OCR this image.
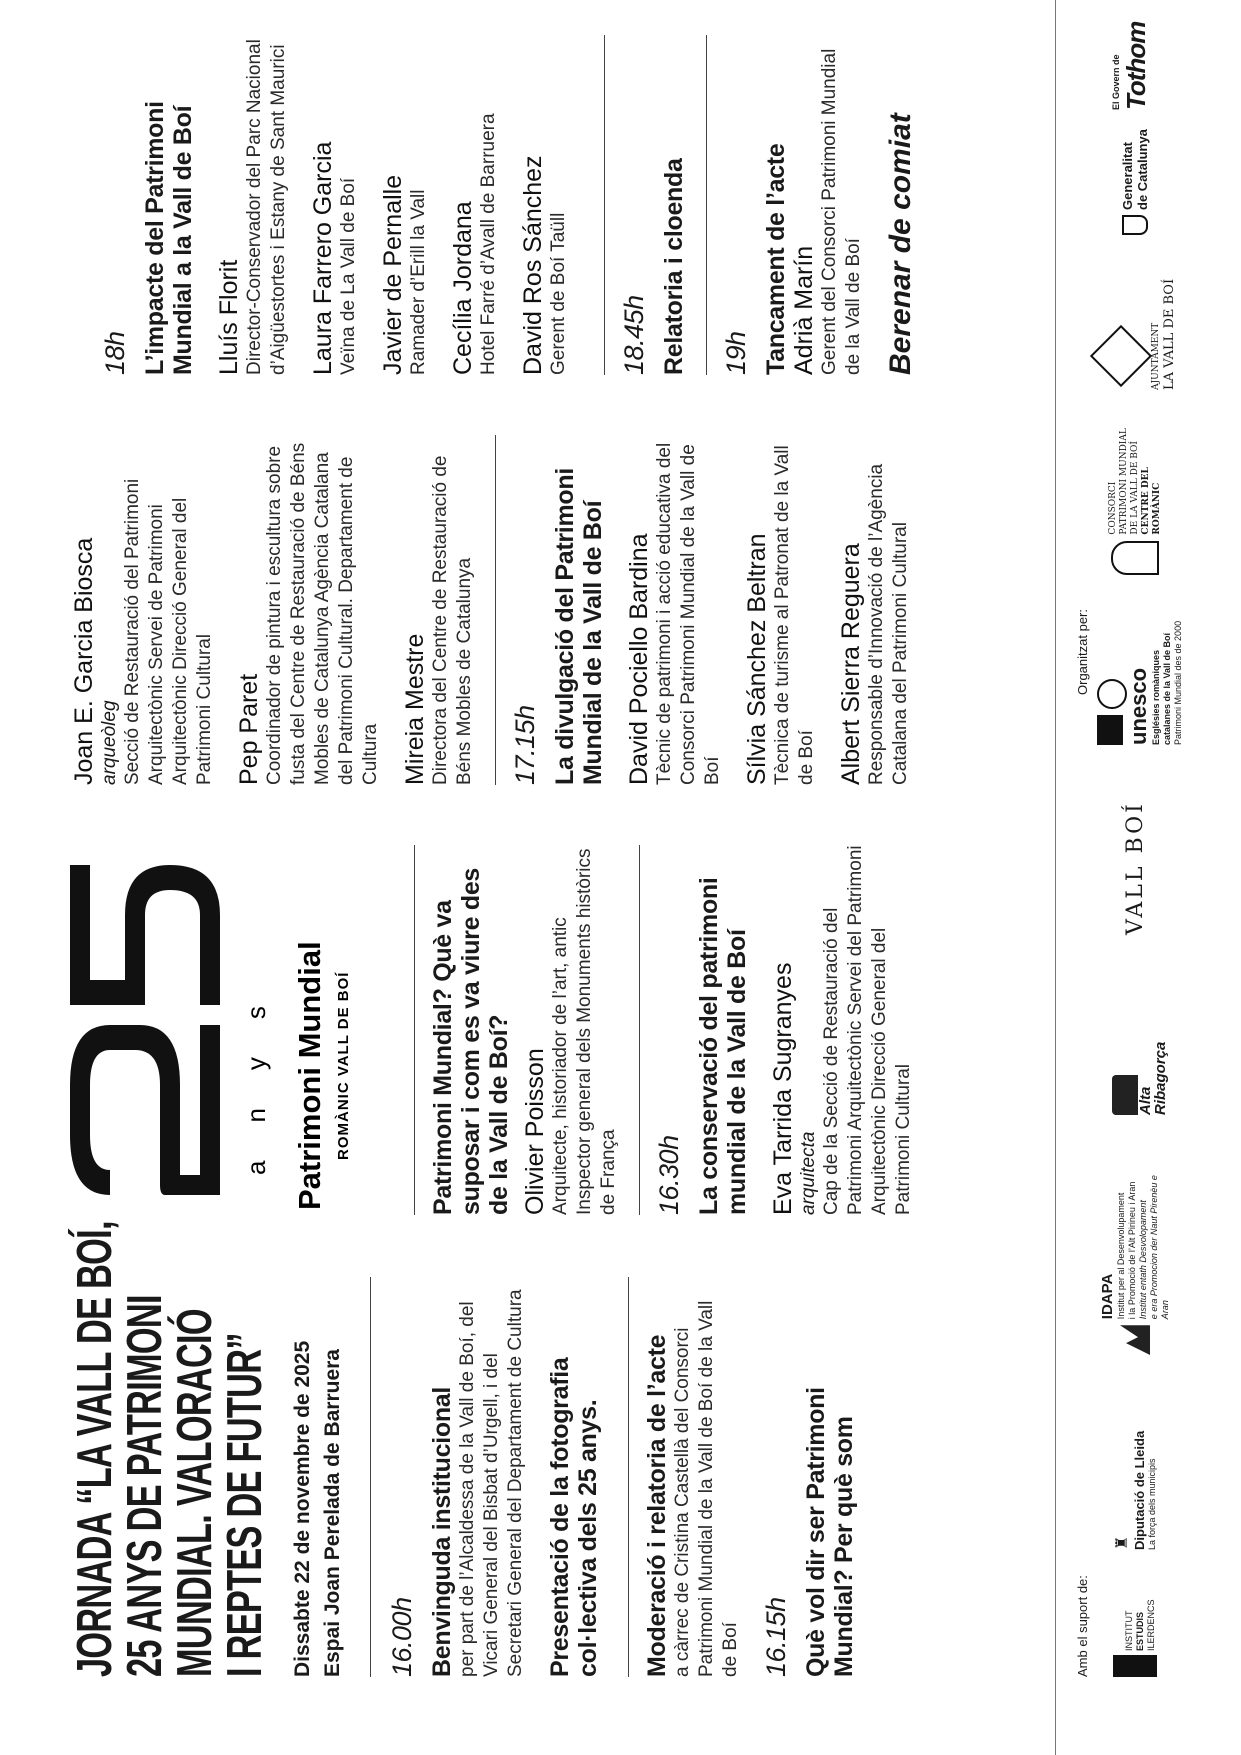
JORNADA “LA VALL DE BOÍ,
25 ANYS DE PATRIMONI
MUNDIAL. VALORACIÓ
I REPTES DE FUTUR” Dissabte 22 de novembre de 2025 Espai Joan Perelada de Barruera 16.00h Benvinguda institucional per part de l’Alcaldessa de la Vall de Boí, del Vicari General del Bisbat d’Urgell, i del Secretari General del Departament de Cultura Presentació de la fotografia col·lectiva dels 25 anys. Moderació i relatoria de l’acte a càrrec de Cristina Castellà del Consorci Patrimoni Mundial de la Vall de Boí de la Vall de Boí 16.15h Què vol dir ser Patrimoni Mundial? Per què som
anys Patrimoni Mundial ROMÀNIC VALL DE BOÍ	Patrimoni Mundial? Què va suposar i com es va viure des de la Vall de Boí? Olivier Poisson Arquitecte, historiador de l’art, antic Inspector general dels Monuments històrics de França 16.30h La conservació del patrimoni mundial de la Vall de Boí Eva Tarrida Sugranyes arquitecta Cap de la Secció de Restauració del Patrimoni Arquitectònic Servei del Patrimoni Arquitectònic Direcció General del Patrimoni Cultural
Joan E. Garcia Biosca arqueòleg Secció de Restauració del Patrimoni Arquitectònic Servei de Patrimoni Arquitectònic Direcció General del Patrimoni Cultural Pep Paret Coordinador de pintura i escultura sobre fusta del Centre de Restauració de Béns Mobles de Catalunya Agència Catalana del Patrimoni Cultural. Departament de Cultura Mireia Mestre Directora del Centre de Restauració de Béns Mobles de Catalunya 17.15h La divulgació del Patrimoni Mundial de la Vall de Boí David Pociello Bardina Tècnic de patrimoni i acció educativa del Consorci Patrimoni Mundial de la Vall de Boí Sílvia Sánchez Beltran Tècnica de turisme al Patronat de la Vall de Boí Albert Sierra Reguera Responsable d’Innovació de l’Agència Catalana del Patrimoni Cultural
18h L’impacte del Patrimoni Mundial a la Vall de Boí Lluís Florit Director-Conservador del Parc Nacional d’Aigüestortes i Estany de Sant Maurici Laura Farrero Garcia Veïna de La Vall de Boí Javier de Pernalle Ramader d’Erill la Vall Cecília Jordana Hotel Farré d’Avall de Barruera David Ros Sánchez Gerent de Boí Taüll 18.45h Relatoria i cloenda 19h Tancament de l’acte Adrià Marín Gerent del Consorci Patrimoni Mundial de la Vall de Boí Berenar de comiat
Amb el suport de:
Organitzat per:
INSTITUT ESTUDIS ILERDENCS
♜ Diputació de Lleida La força dels municipis
IDAPA Institut per al Desenvolupament i la Promoció de l’Alt Pirineu i Aran Institut entath Desvolopament e era Promocion der Naut Pirenèu e Aran
Alta
Ribagorça
VALL BOÍ
unesco Esglésies romàniques catalanes de la Vall de Boí Patrimoni Mundial des de 2000
CONSORCI PATRIMONI MUNDIAL DE LA VALL DE BOÍ CENTRE DEL ROMÀNIC
AJUNTAMENT LA VALL DE BOÍ
Generalitat de Catalunya
El Govern de Tothom
